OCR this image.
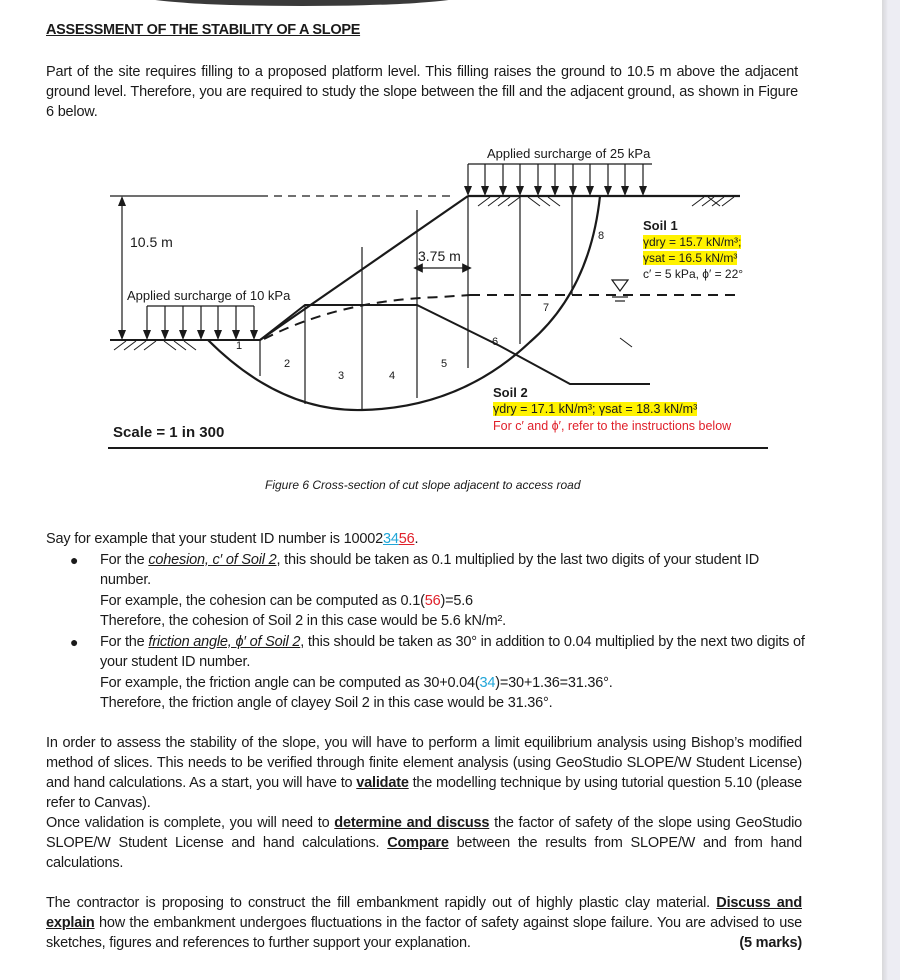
ASSESSMENT OF THE STABILITY OF A SLOPE
Part of the site requires filling to a proposed platform level. This filling raises the ground to 10.5 m above the adjacent ground level. Therefore, you are required to study the slope between the fill and the adjacent ground, as shown in Figure 6 below.
10.5 m
3.75 m
Applied surcharge of 25 kPa
Applied surcharge of 10 kPa
1
2
3	4
5
6
7
8
Soil 1
γdry = 15.7 kN/m³;
γsat = 16.5 kN/m³
c′ = 5 kPa, ϕ′ = 22°
Soil 2
γdry = 17.1 kN/m³; γsat = 18.3 kN/m³
For c′ and ϕ′, refer to the instructions below
Scale = 1 in 300
Figure 6 Cross-section of cut slope adjacent to access road
Say for example that your student ID number is 100023456.
● For the cohesion, c′ of Soil 2, this should be taken as 0.1 multiplied by the last two digits of your student ID number.
For example, the cohesion can be computed as 0.1(56)=5.6
Therefore, the cohesion of Soil 2 in this case would be 5.6 kN/m².
● For the friction angle, ϕ′ of Soil 2, this should be taken as 30° in addition to 0.04 multiplied by the next two digits of your student ID number.
For example, the friction angle can be computed as 30+0.04(34)=30+1.36=31.36°.
Therefore, the friction angle of clayey Soil 2 in this case would be 31.36°.
In order to assess the stability of the slope, you will have to perform a limit equilibrium analysis using Bishop’s modified method of slices. This needs to be verified through finite element analysis (using GeoStudio SLOPE/W Student License) and hand calculations. As a start, you will have to validate the modelling technique by using tutorial question 5.10 (please refer to Canvas).
Once validation is complete, you will need to determine and discuss the factor of safety of the slope using GeoStudio SLOPE/W Student License and hand calculations. Compare between the results from SLOPE/W and from hand calculations.
The contractor is proposing to construct the fill embankment rapidly out of highly plastic clay material. Discuss and explain how the embankment undergoes fluctuations in the factor of safety against slope failure. You are advised to use sketches, figures and references to further support your explanation.	(5 marks)
